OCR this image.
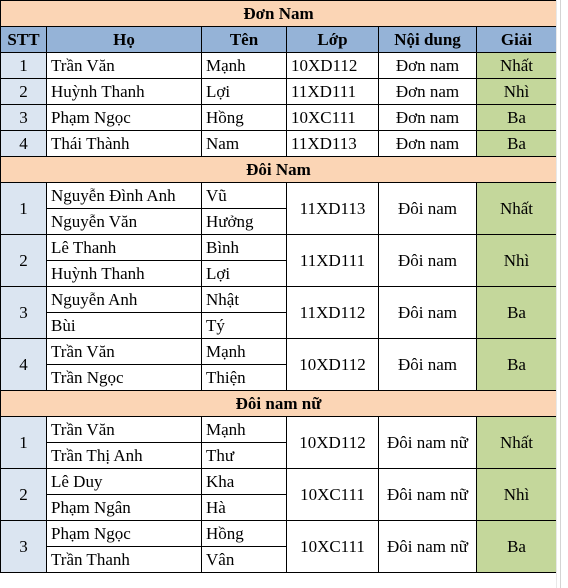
Đơn Nam					
STT	Họ	Tên	Lớp	Nội dung	Giải
1	Trần Văn	Mạnh	10XD112	Đơn nam	Nhất
2	Huỳnh Thanh	Lợi	11XD111	Đơn nam	Nhì
3	Phạm Ngọc	Hồng	10XC111	Đơn nam	Ba
4	Thái Thành	Nam	11XD113	Đơn nam	Ba
Đôi Nam					
1	Nguyễn Đình Anh	Vũ	11XD113	Đôi nam	Nhất
	Nguyễn Văn	Hưởng			
2	Lê Thanh	Bình	11XD111	Đôi nam	Nhì
	Huỳnh Thanh	Lợi			
3	Nguyễn Anh	Nhật	11XD112	Đôi nam	Ba
	Bùi	Tý			
4	Trần Văn	Mạnh	10XD112	Đôi nam	Ba
	Trần Ngọc	Thiện			
Đôi nam nữ					
1	Trần Văn	Mạnh	10XD112	Đôi nam nữ	Nhất
	Trần Thị Anh	Thư			
2	Lê Duy	Kha	10XC111	Đôi nam nữ	Nhì
	Phạm Ngân	Hà			
3	Phạm Ngọc	Hồng	10XC111	Đôi nam nữ	Ba
	Trần Thanh	Vân			
